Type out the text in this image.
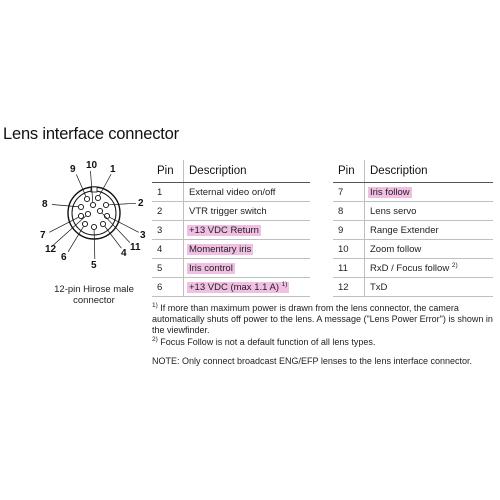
Lens interface connector
1
2
3
4
5
6
7
8
9 10
11
12
12-pin Hirose male
connector
Pin	Description
1	External video on/off
2	VTR trigger switch
3	+13 VDC Return
4	Momentary iris
5	Iris control
6	+13 VDC (max 1.1 A) $^{1)}$
Pin	Description
7	Iris follow
8	Lens servo
9	Range Extender
10	Zoom follow
11	RxD / Focus follow $^{2)}$
12	TxD

$^{1)}$ If more than maximum power is drawn from the lens connector, the camera automatically shuts off power to the lens. A message ("Lens Power Error") is shown in the viewfinder.

$^{2)}$ Focus Follow is not a default function of all lens types.

NOTE: Only connect broadcast ENG/EFP lenses to the lens interface connector.
